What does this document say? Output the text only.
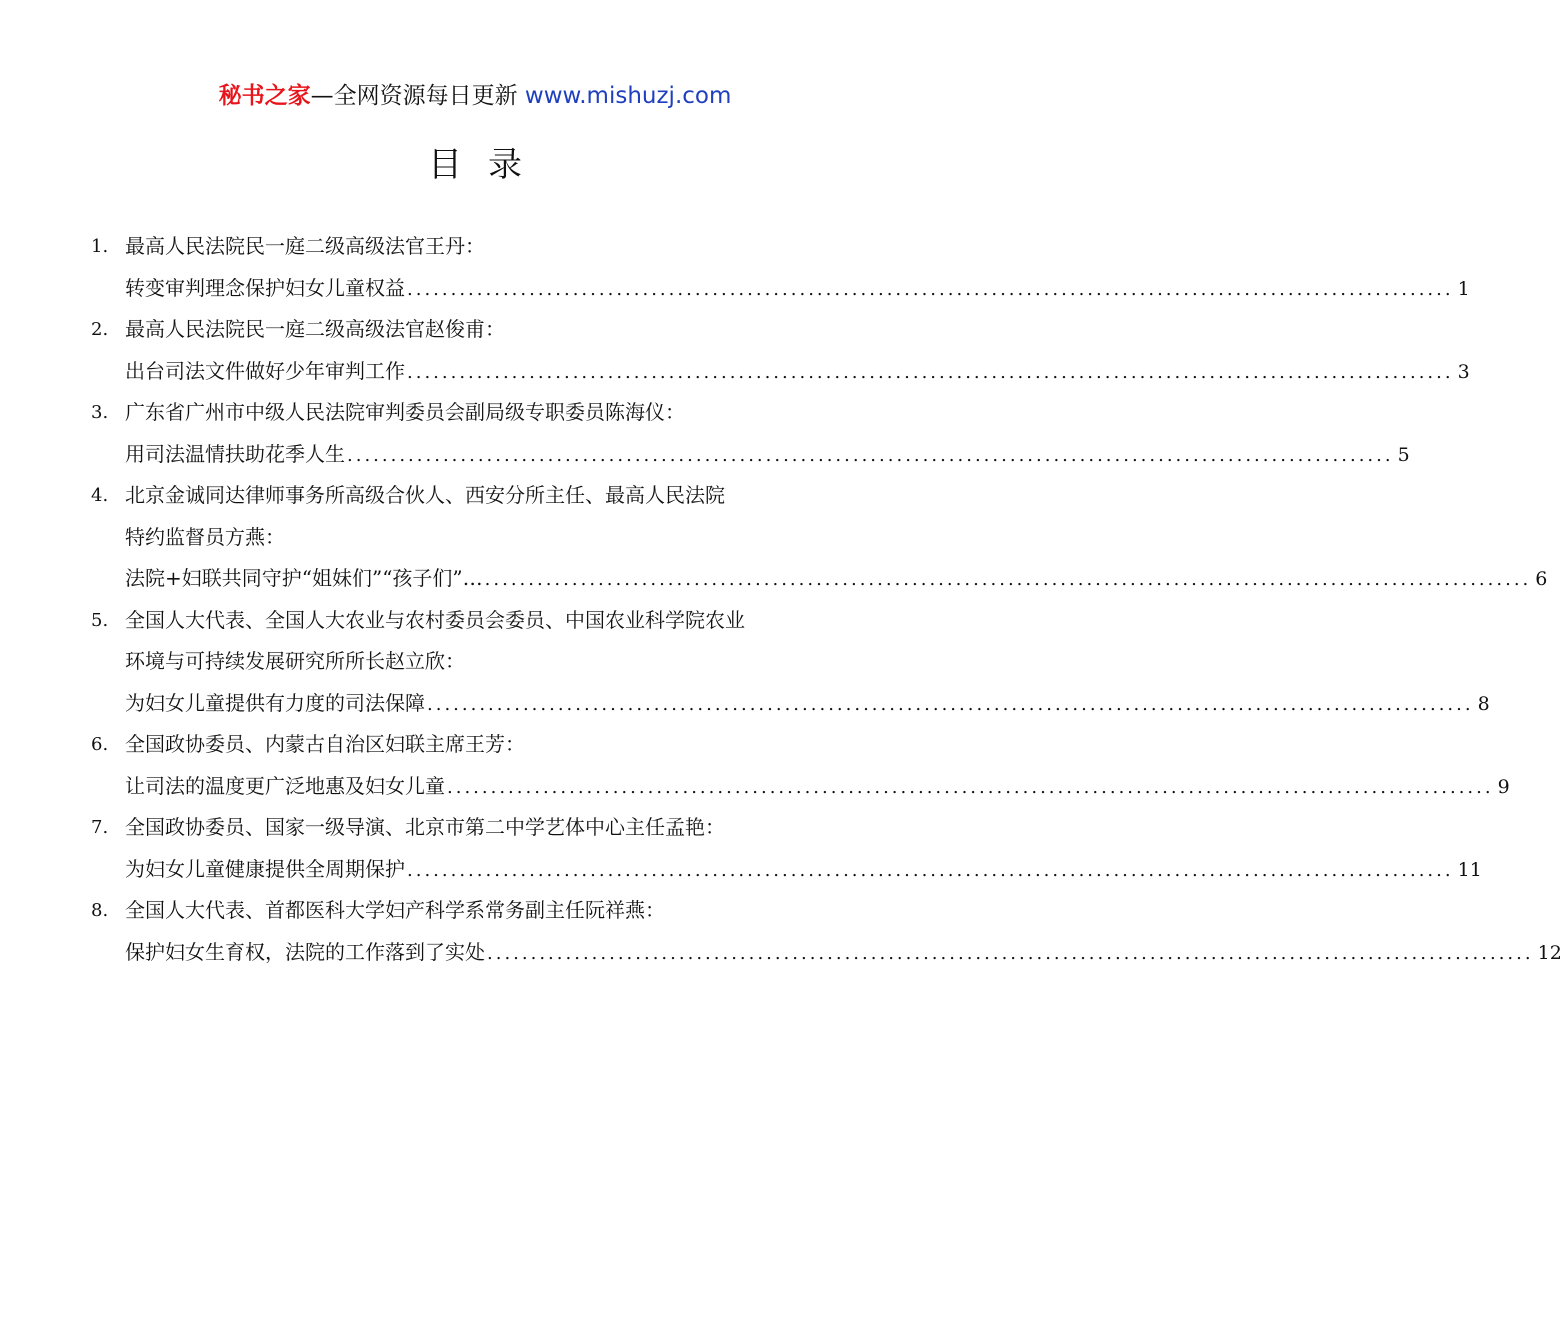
秘书之家—全网资源每日更新 www.mishuzj.com
目录
1. 最高人民法院民一庭二级高级法官王丹：
转变审判理念保护妇女儿童权益 ........................................................................................................................ 1
2. 最高人民法院民一庭二级高级法官赵俊甫：
出台司法文件做好少年审判工作 ........................................................................................................................ 3
3. 广东省广州市中级人民法院审判委员会副局级专职委员陈海仪：
用司法温情扶助花季人生 ........................................................................................................................ 5
4. 北京金诚同达律师事务所高级合伙人、西安分所主任、最高人民法院
特约监督员方燕：
法院+妇联共同守护“姐妹们”“孩子们”… ........................................................................................................................ 6
5. 全国人大代表、全国人大农业与农村委员会委员、中国农业科学院农业
环境与可持续发展研究所所长赵立欣：
为妇女儿童提供有力度的司法保障 ........................................................................................................................ 8
6. 全国政协委员、内蒙古自治区妇联主席王芳：
让司法的温度更广泛地惠及妇女儿童 ........................................................................................................................ 9
7. 全国政协委员、国家一级导演、北京市第二中学艺体中心主任孟艳：
为妇女儿童健康提供全周期保护 ........................................................................................................................ 11
8. 全国人大代表、首都医科大学妇产科学系常务副主任阮祥燕：
保护妇女生育权，法院的工作落到了实处 ........................................................................................................................ 12
